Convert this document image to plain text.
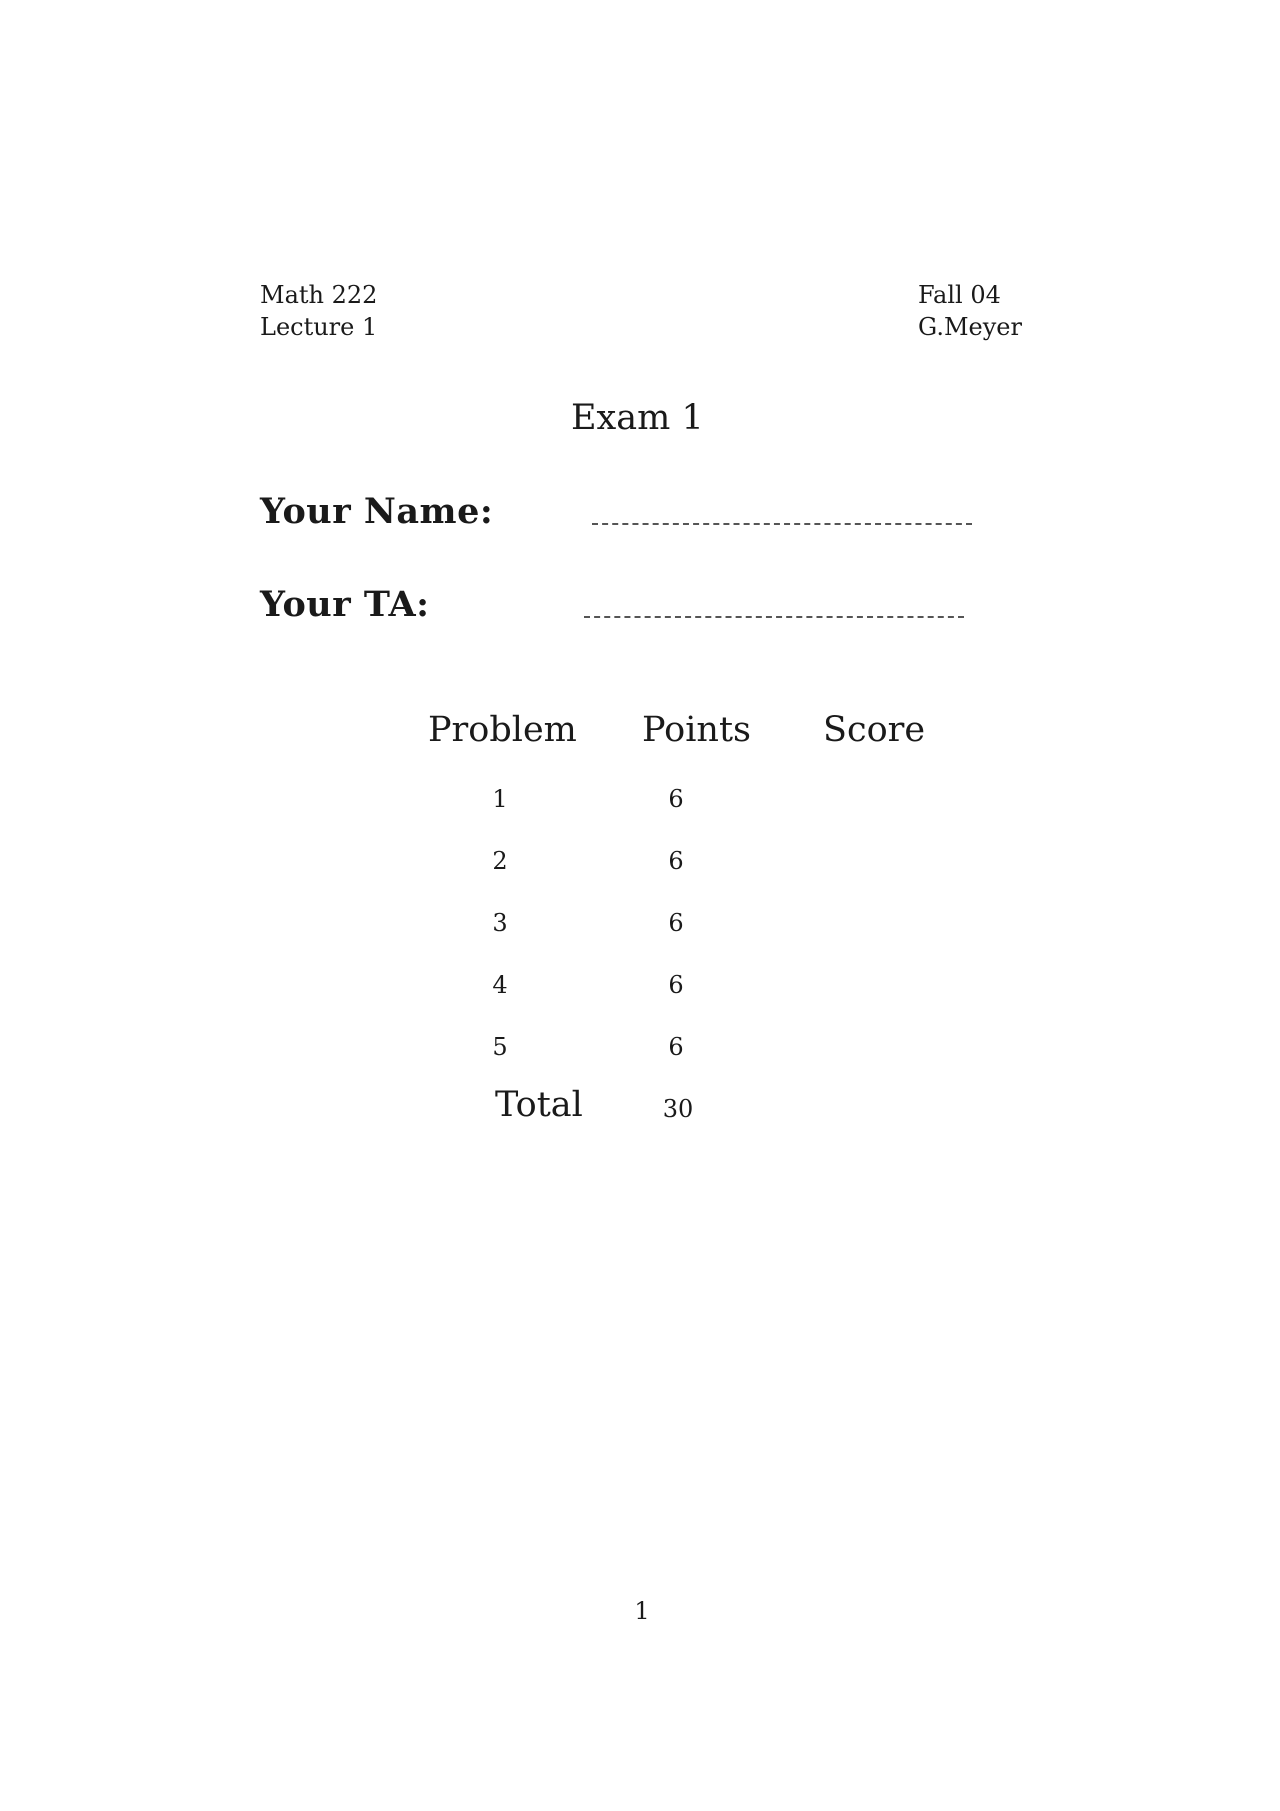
Math 222
Lecture 1
Fall 04
G.Meyer
Exam 1
Your Name:
Your TA:
Problem Points Score
1	6
2	6
3	6
4	6
5	6
Total	30
1
